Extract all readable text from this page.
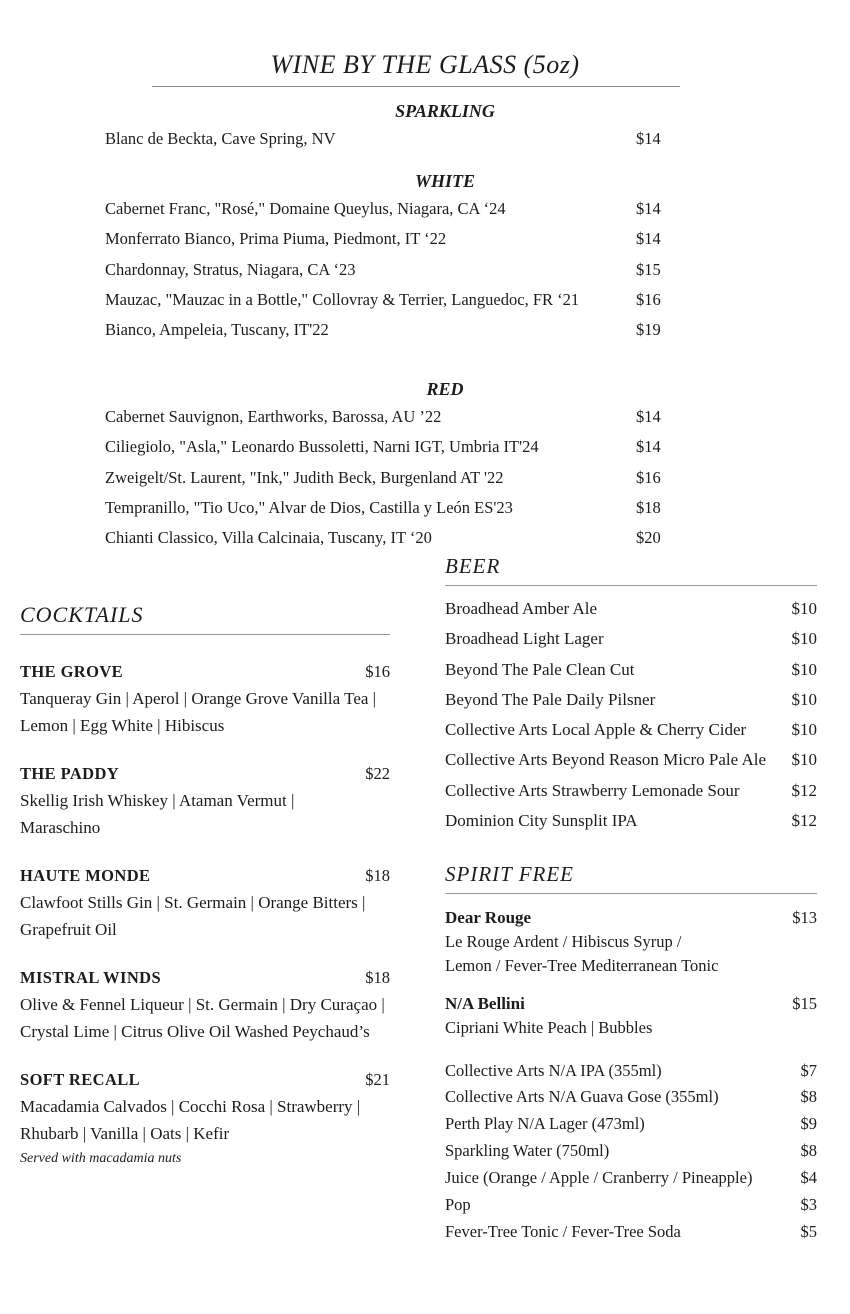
WINE BY THE GLASS (5oz)
SPARKLING
Blanc de Beckta, Cave Spring, NV	$14
WHITE
Cabernet Franc, "Rosé," Domaine Queylus, Niagara, CA ‘24	$14
Monferrato Bianco, Prima Piuma, Piedmont, IT ‘22	$14
Chardonnay, Stratus, Niagara, CA ‘23	$15
Mauzac, "Mauzac in a Bottle," Collovray & Terrier, Languedoc, FR ‘21	$16
Bianco, Ampeleia, Tuscany, IT'22	$19
RED
Cabernet Sauvignon, Earthworks, Barossa, AU ’22	$14
Ciliegiolo, "Asla," Leonardo Bussoletti, Narni IGT, Umbria IT'24	$14
Zweigelt/St. Laurent, "Ink," Judith Beck, Burgenland AT '22	$16
Tempranillo, "Tio Uco," Alvar de Dios, Castilla y León ES'23	$18
Chianti Classico, Villa Calcinaia, Tuscany, IT ‘20	$20
COCKTAILS
THE GROVE	$16
Tanqueray Gin | Aperol | Orange Grove Vanilla Tea |
Lemon | Egg White | Hibiscus
THE PADDY	$22
Skellig Irish Whiskey | Ataman Vermut |
Maraschino
HAUTE MONDE	$18
Clawfoot Stills Gin | St. Germain | Orange Bitters |
Grapefruit Oil
MISTRAL WINDS	$18
Olive & Fennel Liqueur | St. Germain | Dry Curaçao |
Crystal Lime | Citrus Olive Oil Washed Peychaud’s
SOFT RECALL	$21
Macadamia Calvados | Cocchi Rosa | Strawberry |
Rhubarb | Vanilla | Oats | Kefir
Served with macadamia nuts
BEER
Broadhead Amber Ale	$10
Broadhead Light Lager	$10
Beyond The Pale Clean Cut	$10
Beyond The Pale Daily Pilsner	$10
Collective Arts Local Apple & Cherry Cider	$10
Collective Arts Beyond Reason Micro Pale Ale	$10
Collective Arts Strawberry Lemonade Sour	$12
Dominion City Sunsplit IPA	$12
SPIRIT FREE
Dear Rouge	$13
Le Rouge Ardent / Hibiscus Syrup /
Lemon / Fever-Tree Mediterranean Tonic
N/A Bellini	$15
Cipriani White Peach | Bubbles
Collective Arts N/A IPA (355ml)	$7
Collective Arts N/A Guava Gose (355ml)	$8
Perth Play N/A Lager (473ml)	$9
Sparkling Water (750ml)	$8
Juice (Orange / Apple / Cranberry / Pineapple)	$4
Pop	$3
Fever-Tree Tonic / Fever-Tree Soda	$5
